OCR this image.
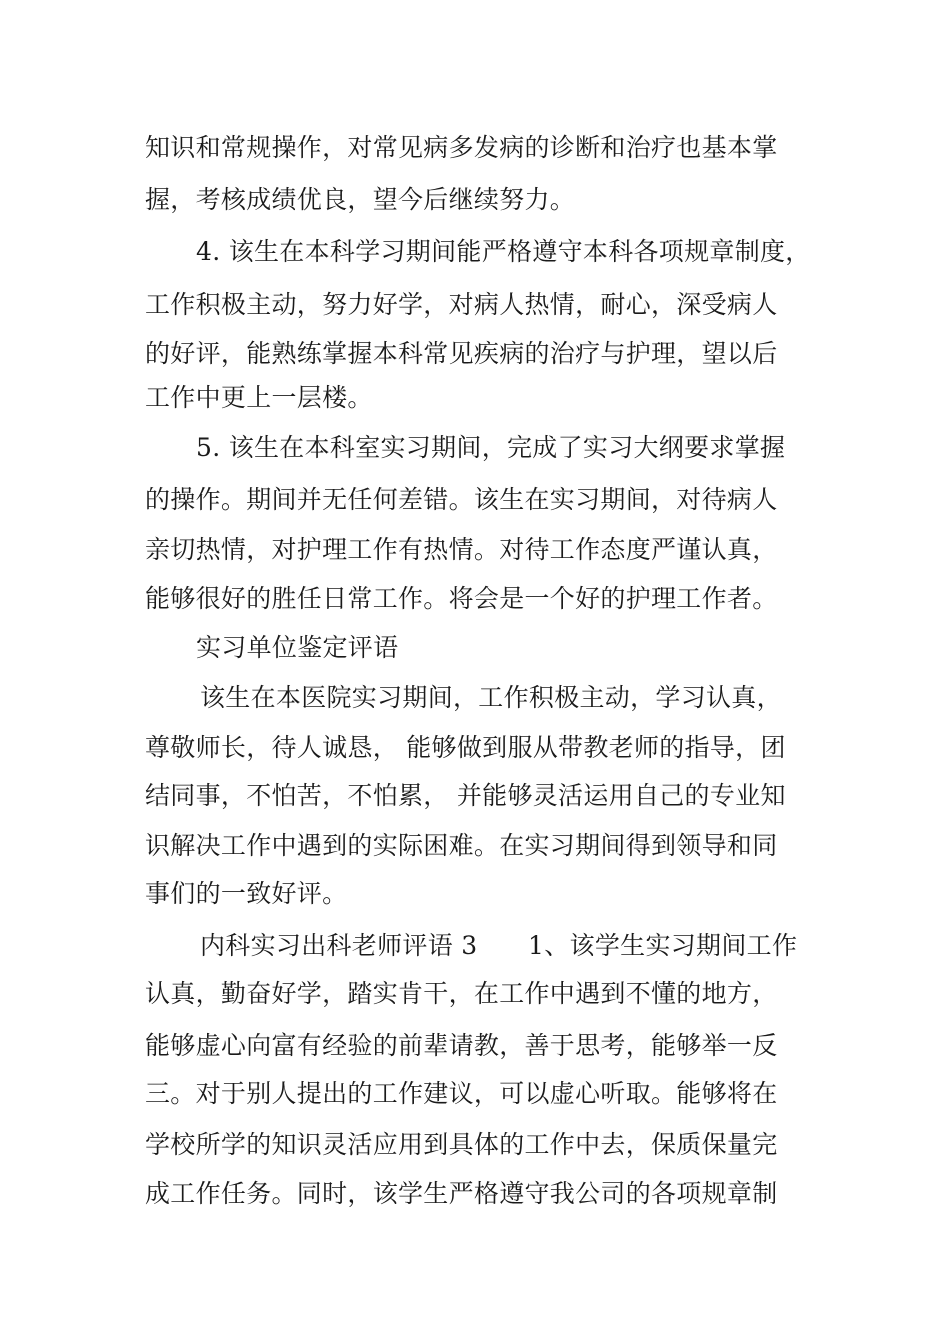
知识和常规操作，对常见病多发病的诊断和治疗也基本掌
握，考核成绩优良，望今后继续努力。
4. 该生在本科学习期间能严格遵守本科各项规章制度，
工作积极主动，努力好学，对病人热情，耐心，深受病人
的好评，能熟练掌握本科常见疾病的治疗与护理，望以后
工作中更上一层楼。
5. 该生在本科室实习期间，完成了实习大纲要求掌握
的操作。期间并无任何差错。该生在实习期间，对待病人
亲切热情，对护理工作有热情。对待工作态度严谨认真，
能够很好的胜任日常工作。将会是一个好的护理工作者。
实习单位鉴定评语
该生在本医院实习期间，工作积极主动，学习认真，
尊敬师长，待人诚恳， 能够做到服从带教老师的指导，团
结同事，不怕苦，不怕累， 并能够灵活运用自己的专业知
识解决工作中遇到的实际困难。在实习期间得到领导和同
事们的一致好评。
内科实习出科老师评语 3　　1、该学生实习期间工作
认真，勤奋好学，踏实肯干，在工作中遇到不懂的地方，
能够虚心向富有经验的前辈请教，善于思考，能够举一反
三。对于别人提出的工作建议，可以虚心听取。能够将在
学校所学的知识灵活应用到具体的工作中去，保质保量完
成工作任务。同时，该学生严格遵守我公司的各项规章制
